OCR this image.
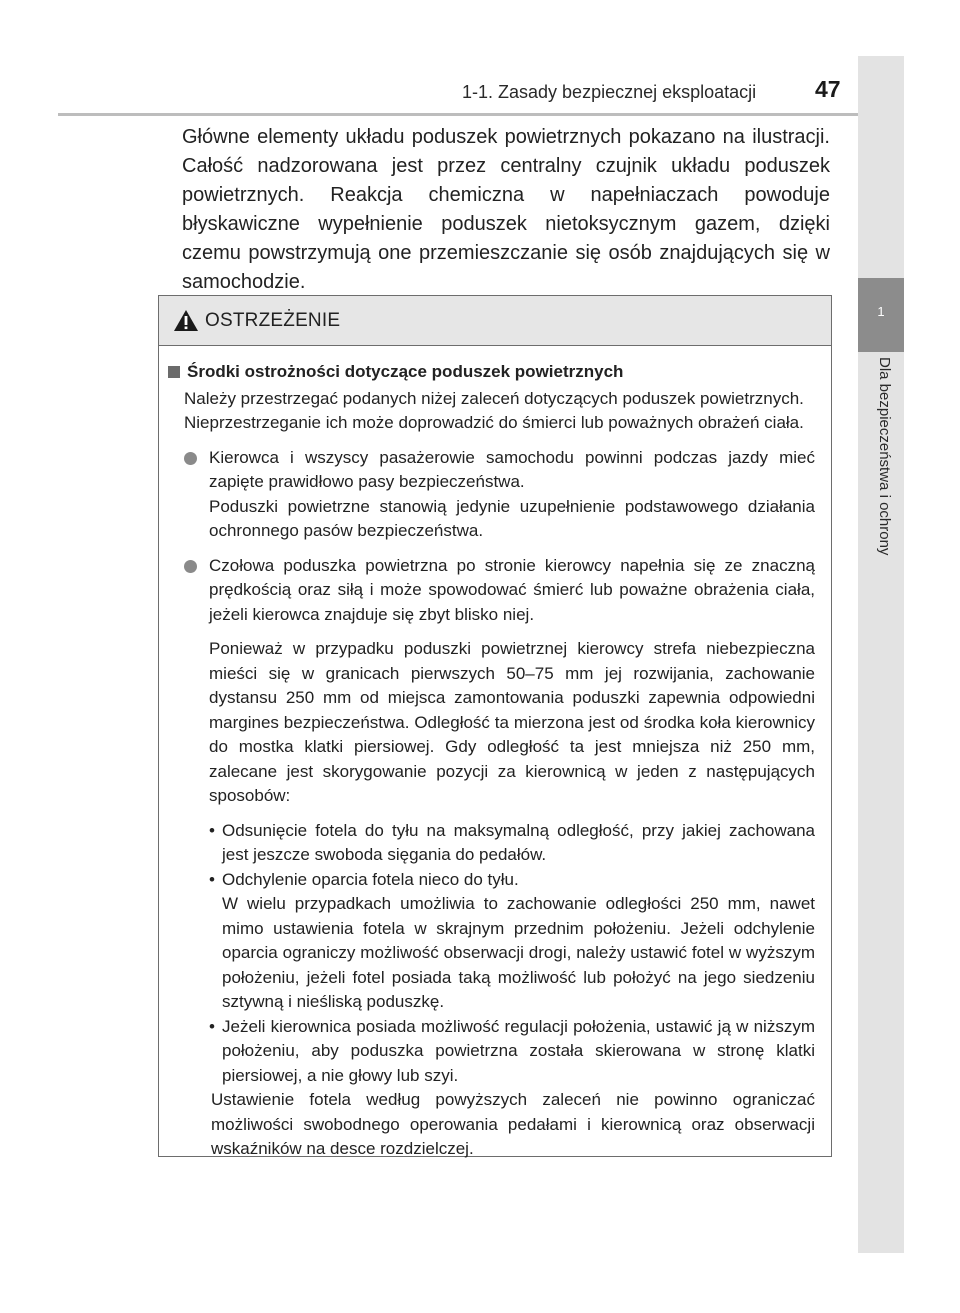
1
Dla bezpieczeństwa i ochrony
1-1. Zasady bezpiecznej eksploatacji	47
Główne elementy układu poduszek powietrznych pokazano na ilustracji. Całość nadzorowana jest przez centralny czujnik układu poduszek powietrznych. Reakcja chemiczna w napełniaczach powoduje błyskawiczne wypełnienie poduszek nietoksycznym gazem, dzięki czemu powstrzymują one przemieszczanie się osób znajdujących się w samochodzie.
OSTRZEŻENIE
Środki ostrożności dotyczące poduszek powietrznych
Należy przestrzegać podanych niżej zaleceń dotyczących poduszek powietrznych.
Nieprzestrzeganie ich może doprowadzić do śmierci lub poważnych obrażeń ciała.
Kierowca i wszyscy pasażerowie samochodu powinni podczas jazdy mieć zapięte prawidłowo pasy bezpieczeństwa.
Poduszki powietrzne stanowią jedynie uzupełnienie podstawowego działania ochronnego pasów bezpieczeństwa.
Czołowa poduszka powietrzna po stronie kierowcy napełnia się ze znaczną prędkością oraz siłą i może spowodować śmierć lub poważne obrażenia ciała, jeżeli kierowca znajduje się zbyt blisko niej.
Ponieważ w przypadku poduszki powietrznej kierowcy strefa niebezpieczna mieści się w granicach pierwszych 50–75 mm jej rozwijania, zachowanie dystansu 250 mm od miejsca zamontowania poduszki zapewnia odpowiedni margines bezpieczeństwa. Odległość ta mierzona jest od środka koła kierownicy do mostka klatki piersiowej. Gdy odległość ta jest mniejsza niż 250 mm, zalecane jest skorygowanie pozycji za kierownicą w jeden z następujących sposobów:
• Odsunięcie fotela do tyłu na maksymalną odległość, przy jakiej zachowana jest jeszcze swoboda sięgania do pedałów.
• Odchylenie oparcia fotela nieco do tyłu.
W wielu przypadkach umożliwia to zachowanie odległości 250 mm, nawet mimo ustawienia fotela w skrajnym przednim położeniu. Jeżeli odchylenie oparcia ograniczy możliwość obserwacji drogi, należy ustawić fotel w wyższym położeniu, jeżeli fotel posiada taką możliwość lub położyć na jego siedzeniu sztywną i nieśliską poduszkę.
• Jeżeli kierownica posiada możliwość regulacji położenia, ustawić ją w niższym położeniu, aby poduszka powietrzna została skierowana w stronę klatki piersiowej, a nie głowy lub szyi.
Ustawienie fotela według powyższych zaleceń nie powinno ograniczać możliwości swobodnego operowania pedałami i kierownicą oraz obserwacji wskaźników na desce rozdzielczej.
